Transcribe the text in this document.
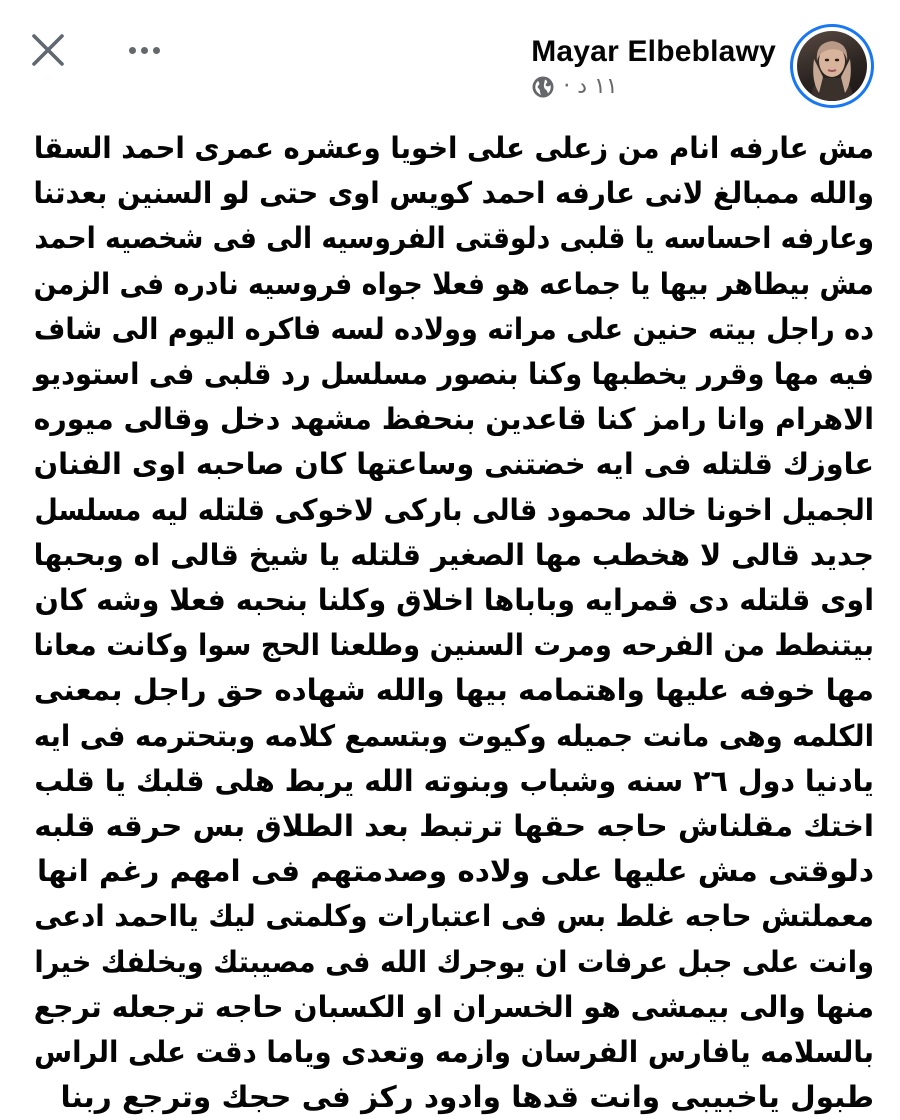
Mayar Elbeblawy
١١ د ·
مش عارفه انام من زعلى على اخويا وعشره عمرى احمد السقا
والله ممبالغ لانى عارفه احمد كويس اوى حتى لو السنين بعدتنا
وعارفه احساسه يا قلبى دلوقتى الفروسيه الى فى شخصيه احمد
مش بيطاهر بيها يا جماعه هو فعلا جواه فروسيه نادره فى الزمن
ده راجل بيته حنين على مراته وولاده لسه فاكره اليوم الى شاف
فيه مها وقرر يخطبها وكنا بنصور مسلسل رد قلبى فى استوديو
الاهرام وانا رامز كنا قاعدين بنحفظ مشهد دخل وقالى ميوره
عاوزك قلتله فى ايه خضتنى وساعتها كان صاحبه اوى الفنان
الجميل اخونا خالد محمود قالى باركى لاخوكى قلتله ليه مسلسل
جديد قالى لا هخطب مها الصغير قلتله يا شيخ قالى اه وبحبها
اوى قلتله دى قمرايه وباباها اخلاق وكلنا بنحبه فعلا وشه كان
بيتنطط من الفرحه ومرت السنين وطلعنا الحج سوا وكانت معانا
مها خوفه عليها واهتمامه بيها والله شهاده حق راجل بمعنى
الكلمه وهى مانت جميله وكيوت وبتسمع كلامه وبتحترمه فى ايه
يادنيا دول ٢٦ سنه وشباب وبنوته الله يربط هلى قلبك يا قلب
اختك مقلناش حاجه حقها ترتبط بعد الطلاق بس حرقه قلبه
دلوقتى مش عليها على ولاده وصدمتهم فى امهم رغم انها
معملتش حاجه غلط بس فى اعتبارات وكلمتى ليك يااحمد ادعى
وانت على جبل عرفات ان يوجرك الله فى مصيبتك ويخلفك خيرا
منها والى بيمشى هو الخسران او الكسبان حاجه ترجعله ترجع
بالسلامه يافارس الفرسان وازمه وتعدى وياما دقت على الراس
طبول ياخبيبى وانت قدها وادود ركز فى حجك وترجع ربنا
